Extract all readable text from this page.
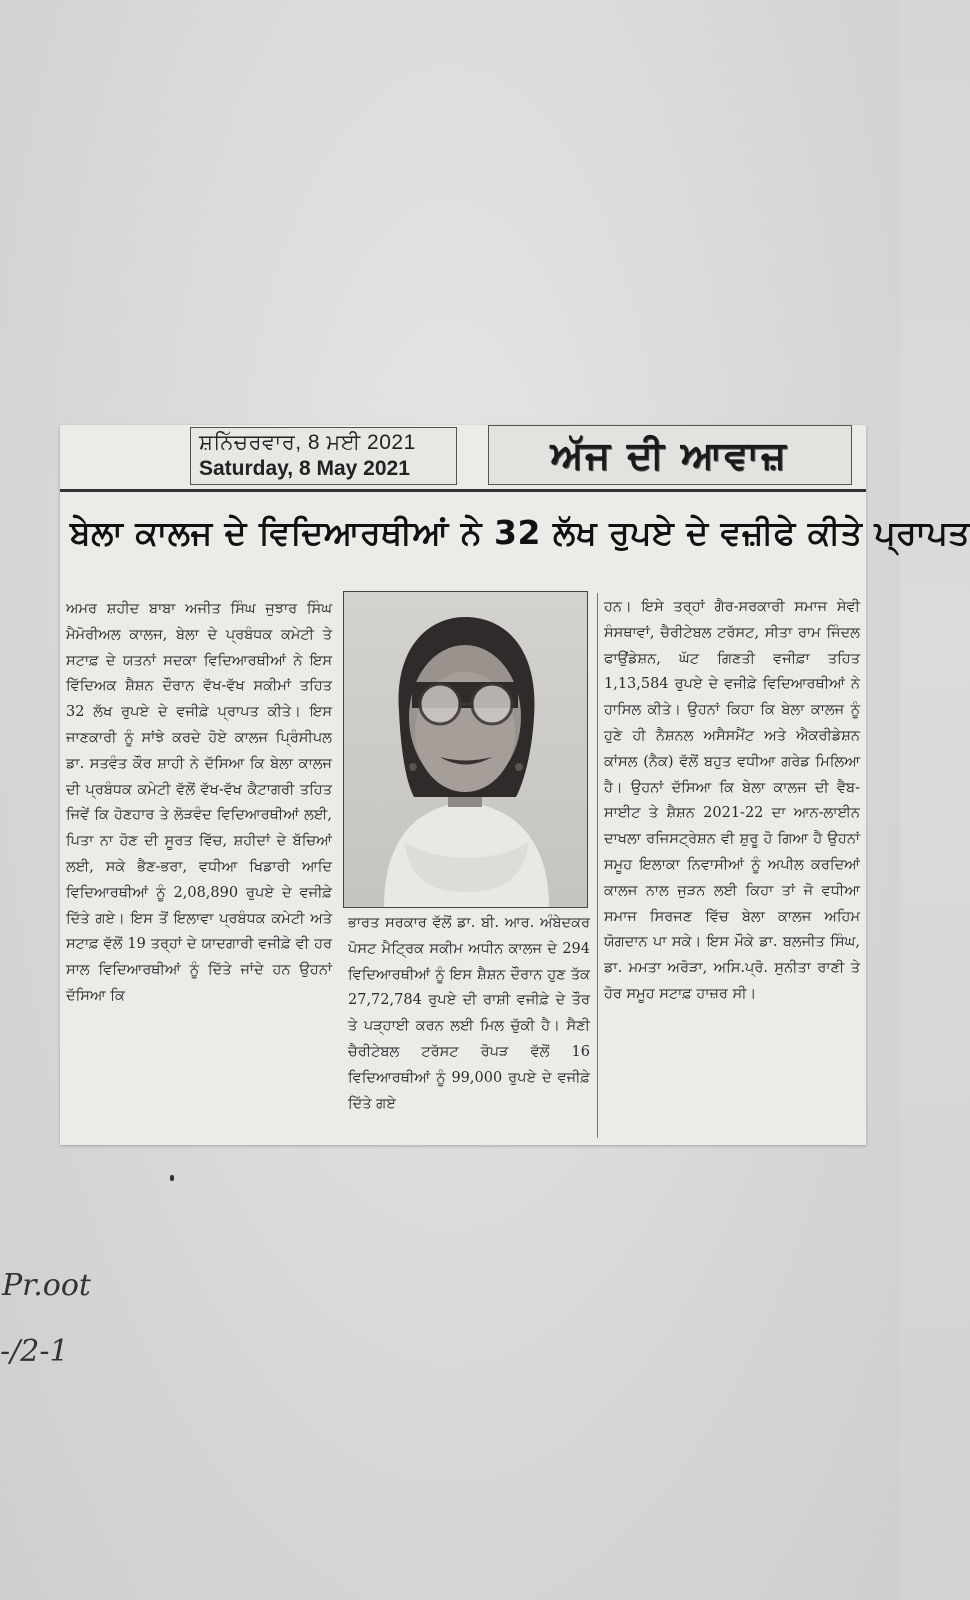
ਸ਼ਨਿੱਚਰਵਾਰ, 8 ਮਈ 2021
Saturday, 8 May 2021	ਅੱਜ ਦੀ ਆਵਾਜ਼
ਬੇਲਾ ਕਾਲਜ ਦੇ ਵਿਦਿਆਰਥੀਆਂ ਨੇ 32 ਲੱਖ ਰੁਪਏ ਦੇ ਵਜ਼ੀਫੇ ਕੀਤੇ ਪ੍ਰਾਪਤ
ਅਮਰ ਸ਼ਹੀਦ ਬਾਬਾ ਅਜੀਤ ਸਿੰਘ ਜੁਝਾਰ ਸਿੰਘ ਮੈਮੋਰੀਅਲ ਕਾਲਜ, ਬੇਲਾ ਦੇ ਪ੍ਰਬੰਧਕ ਕਮੇਟੀ ਤੇ ਸਟਾਫ਼ ਦੇ ਯਤਨਾਂ ਸਦਕਾ ਵਿਦਿਆਰਥੀਆਂ ਨੇ ਇਸ ਵਿੱਦਿਅਕ ਸ਼ੈਸ਼ਨ ਦੌਰਾਨ ਵੱਖ-ਵੱਖ ਸਕੀਮਾਂ ਤਹਿਤ 32 ਲੱਖ ਰੁਪਏ ਦੇ ਵਜੀਫ਼ੇ ਪ੍ਰਾਪਤ ਕੀਤੇ। ਇਸ ਜਾਣਕਾਰੀ ਨੂੰ ਸਾਂਝੇ ਕਰਦੇ ਹੋਏ ਕਾਲਜ ਪ੍ਰਿੰਸੀਪਲ ਡਾ. ਸਤਵੰਤ ਕੌਰ ਸ਼ਾਹੀ ਨੇ ਦੱਸਿਆ ਕਿ ਬੇਲਾ ਕਾਲਜ ਦੀ ਪ੍ਰਬੰਧਕ ਕਮੇਟੀ ਵੱਲੋਂ ਵੱਖ-ਵੱਖ ਕੈਟਾਗਰੀ ਤਹਿਤ ਜਿਵੇਂ ਕਿ ਹੋਣਹਾਰ ਤੇ ਲੋੜਵੰਦ ਵਿਦਿਆਰਥੀਆਂ ਲਈ, ਪਿਤਾ ਨਾ ਹੋਣ ਦੀ ਸੂਰਤ ਵਿੱਚ, ਸ਼ਹੀਦਾਂ ਦੇ ਬੱਚਿਆਂ ਲਈ, ਸਕੇ ਭੈਣ-ਭਰਾ, ਵਧੀਆ ਖਿਡਾਰੀ ਆਦਿ ਵਿਦਿਆਰਥੀਆਂ ਨੂੰ 2,08,890 ਰੁਪਏ ਦੇ ਵਜੀਫ਼ੇ ਦਿੱਤੇ ਗਏ। ਇਸ ਤੋਂ ਇਲਾਵਾ ਪ੍ਰਬੰਧਕ ਕਮੇਟੀ ਅਤੇ ਸਟਾਫ਼ ਵੱਲੋਂ 19 ਤਰ੍ਹਾਂ ਦੇ ਯਾਦਗਾਰੀ ਵਜੀਫ਼ੇ ਵੀ ਹਰ ਸਾਲ ਵਿਦਿਆਰਥੀਆਂ ਨੂੰ ਦਿੱਤੇ ਜਾਂਦੇ ਹਨ ਉਹਨਾਂ ਦੱਸਿਆ ਕਿ
ਭਾਰਤ ਸਰਕਾਰ ਵੱਲੋਂ ਡਾ. ਬੀ. ਆਰ. ਅੰਬੇਦਕਰ ਪੋਸਟ ਮੈਟ੍ਰਿਕ ਸਕੀਮ ਅਧੀਨ ਕਾਲਜ ਦੇ 294 ਵਿਦਿਆਰਥੀਆਂ ਨੂੰ ਇਸ ਸ਼ੈਸ਼ਨ ਦੌਰਾਨ ਹੁਣ ਤੱਕ 27,72,784 ਰੁਪਏ ਦੀ ਰਾਸ਼ੀ ਵਜੀਫ਼ੇ ਦੇ ਤੌਰ ਤੇ ਪੜ੍ਹਾਈ ਕਰਨ ਲਈ ਮਿਲ ਚੁੱਕੀ ਹੈ। ਸੈਣੀ ਚੈਰੀਟੇਬਲ ਟਰੱਸਟ ਰੋਪੜ ਵੱਲੋਂ 16 ਵਿਦਿਆਰਥੀਆਂ ਨੂੰ 99,000 ਰੁਪਏ ਦੇ ਵਜੀਫ਼ੇ ਦਿੱਤੇ ਗਏ
ਹਨ। ਇਸੇ ਤਰ੍ਹਾਂ ਗੈਰ-ਸਰਕਾਰੀ ਸਮਾਜ ਸੇਵੀ ਸੰਸਥਾਵਾਂ, ਚੈਰੀਟੇਬਲ ਟਰੱਸਟ, ਸੀਤਾ ਰਾਮ ਜਿੰਦਲ ਫਾਉਂਡੇਸ਼ਨ, ਘੱਟ ਗਿਣਤੀ ਵਜੀਫ਼ਾ ਤਹਿਤ 1,13,584 ਰੁਪਏ ਦੇ ਵਜੀਫ਼ੇ ਵਿਦਿਆਰਥੀਆਂ ਨੇ ਹਾਸਿਲ ਕੀਤੇ। ਉਹਨਾਂ ਕਿਹਾ ਕਿ ਬੇਲਾ ਕਾਲਜ ਨੂੰ ਹੁਣੇ ਹੀ ਨੈਸ਼ਨਲ ਅਸੈਸਮੈਂਟ ਅਤੇ ਐਕਰੀਡੇਸ਼ਨ ਕਾਂਸਲ (ਨੈਕ) ਵੱਲੋਂ ਬਹੁਤ ਵਧੀਆ ਗਰੇਡ ਮਿਲਿਆ ਹੈ। ਉਹਨਾਂ ਦੱਸਿਆ ਕਿ ਬੇਲਾ ਕਾਲਜ ਦੀ ਵੈਬ-ਸਾਈਟ ਤੇ ਸ਼ੈਸ਼ਨ 2021-22 ਦਾ ਆਨ-ਲਾਈਨ ਦਾਖਲਾ ਰਜਿਸਟ੍ਰੇਸ਼ਨ ਵੀ ਸ਼ੁਰੂ ਹੋ ਗਿਆ ਹੈ ਉਹਨਾਂ ਸਮੂਹ ਇਲਾਕਾ ਨਿਵਾਸੀਆਂ ਨੂੰ ਅਪੀਲ ਕਰਦਿਆਂ ਕਾਲਜ ਨਾਲ ਜੁੜਨ ਲਈ ਕਿਹਾ ਤਾਂ ਜੋ ਵਧੀਆ ਸਮਾਜ ਸਿਰਜਣ ਵਿੱਚ ਬੇਲਾ ਕਾਲਜ ਅਹਿਮ ਯੋਗਦਾਨ ਪਾ ਸਕੇ। ਇਸ ਮੌਕੇ ਡਾ. ਬਲਜੀਤ ਸਿੰਘ, ਡਾ. ਮਮਤਾ ਅਰੋੜਾ, ਅਸਿ.ਪ੍ਰੋ. ਸੁਨੀਤਾ ਰਾਣੀ ਤੇ ਹੋਰ ਸਮੂਹ ਸਟਾਫ਼ ਹਾਜ਼ਰ ਸੀ।
Pr.oot
-/2-1
